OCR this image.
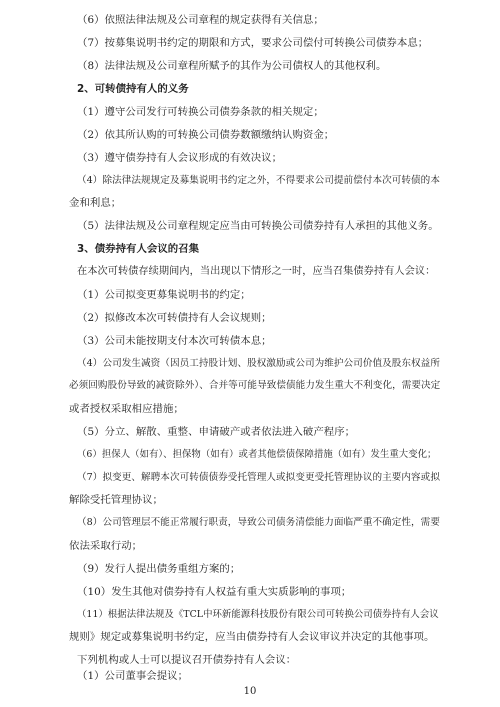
（6）依照法律法规及公司章程的规定获得有关信息；
（7）按募集说明书约定的期限和方式，要求公司偿付可转换公司债券本息；
（8）法律法规及公司章程所赋予的其作为公司债权人的其他权利。
2、可转债持有人的义务
（1）遵守公司发行可转换公司债券条款的相关规定；
（2）依其所认购的可转换公司债券数额缴纳认购资金；
（3）遵守债券持有人会议形成的有效决议；
（4）除法律法规规定及募集说明书约定之外，不得要求公司提前偿付本次可转债的本
金和利息；
（5）法律法规及公司章程规定应当由可转换公司债券持有人承担的其他义务。
3、债券持有人会议的召集
在本次可转债存续期间内，当出现以下情形之一时，应当召集债券持有人会议：
（1）公司拟变更募集说明书的约定；
（2）拟修改本次可转债持有人会议规则；
（3）公司未能按期支付本次可转债本息；
（4）公司发生减资（因员工持股计划、股权激励或公司为维护公司价值及股东权益所
必须回购股份导致的减资除外）、合并等可能导致偿债能力发生重大不利变化，需要决定
或者授权采取相应措施；
（5）分立、解散、重整、申请破产或者依法进入破产程序；
（6）担保人（如有）、担保物（如有）或者其他偿债保障措施（如有）发生重大变化；
（7）拟变更、解聘本次可转债债券受托管理人或拟变更受托管理协议的主要内容或拟
解除受托管理协议；
（8）公司管理层不能正常履行职责，导致公司债务清偿能力面临严重不确定性，需要
依法采取行动；
（9）发行人提出债务重组方案的；
（10）发生其他对债券持有人权益有重大实质影响的事项；
（11）根据法律法规及《TCL中环新能源科技股份有限公司可转换公司债券持有人会议
规则》规定或募集说明书约定，应当由债券持有人会议审议并决定的其他事项。
下列机构或人士可以提议召开债券持有人会议：
（1）公司董事会提议；
10
